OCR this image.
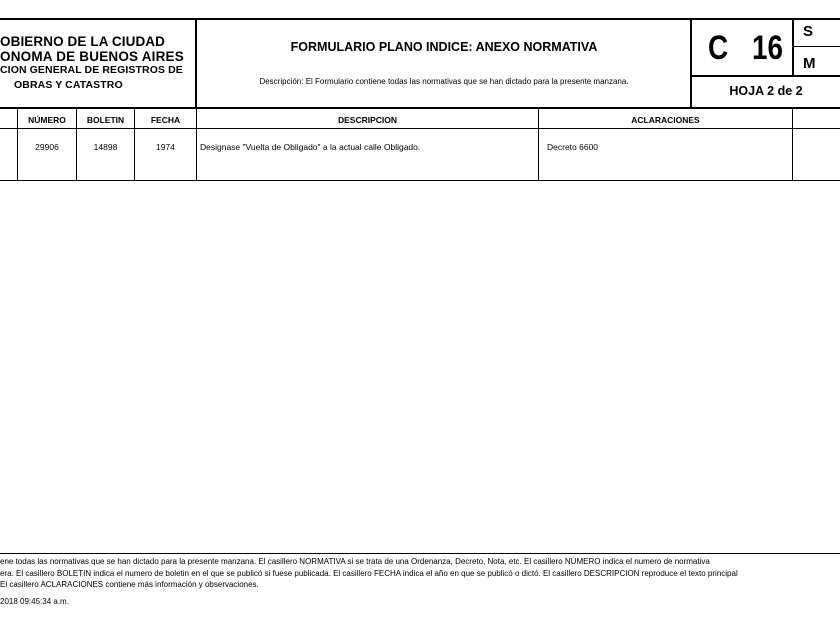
OBIERNO DE LA CIUDAD
ONOMA DE BUENOS AIRES
CION GENERAL DE REGISTROS DE
OBRAS Y CATASTRO
FORMULARIO PLANO INDICE: ANEXO NORMATIVA
Descripción: El Formulario contiene todas las normativas que se han dictado para la presente manzana.
C 16 S
M
HOJA 2 de 2
NÚMERO	BOLETIN	FECHA	DESCRIPCION	ACLARACIONES
29906	14898	1974	Designase "Vuelta de Obligado" a la actual calle Obligado.	Decreto 6600
ene todas las normativas que se han dictado para la presente manzana. El casillero NORMATIVA si se trata de una Ordenanza, Decreto, Nota, etc. El casillero NÚMERO indica el numero de normativa
era. El casillero BOLETIN indica el numero de boletin en el que se publicó si fuese publicada. El casillero FECHA indica el año en que se publicó o dictó. El casillero DESCRIPCION reproduce el texto principal
El casillero ACLARACIONES contiene más información y observaciones.
2018 09:45:34 a.m.
